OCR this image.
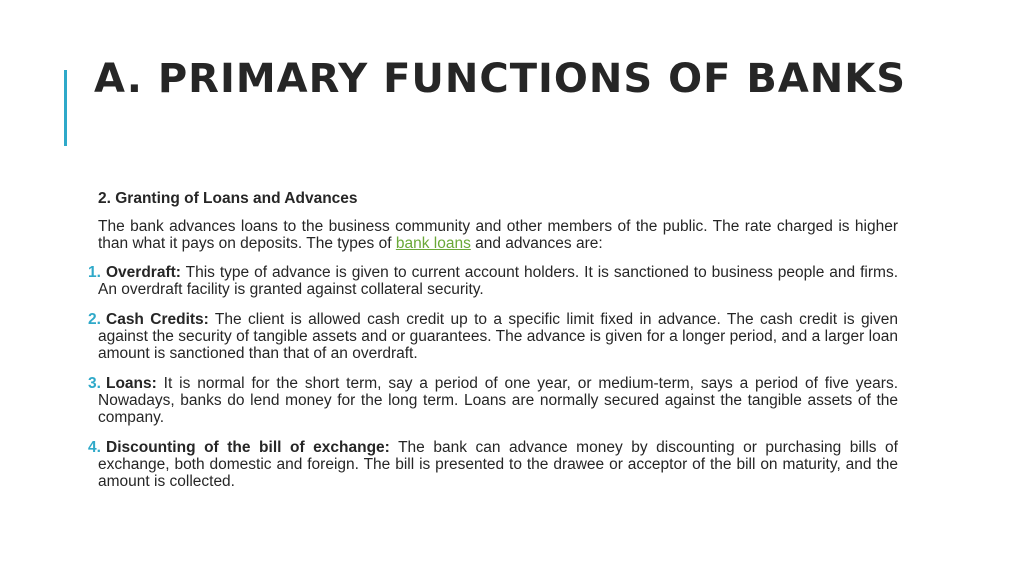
A. PRIMARY FUNCTIONS OF BANKS

2. Granting of Loans and Advances

The bank advances loans to the business community and other members of the public. The rate charged is higher than what it pays on deposits. The types of bank loans and advances are:

1. Overdraft: This type of advance is given to current account holders. It is sanctioned to business people and firms. An overdraft facility is granted against collateral security.
2. Cash Credits: The client is allowed cash credit up to a specific limit fixed in advance. The cash credit is given against the security of tangible assets and or guarantees. The advance is given for a longer period, and a larger loan amount is sanctioned than that of an overdraft.
3. Loans: It is normal for the short term, say a period of one year, or medium-term, says a period of five years. Nowadays, banks do lend money for the long term. Loans are normally secured against the tangible assets of the company.
4. Discounting of the bill of exchange: The bank can advance money by discounting or purchasing bills of exchange, both domestic and foreign. The bill is presented to the drawee or acceptor of the bill on maturity, and the amount is collected.
